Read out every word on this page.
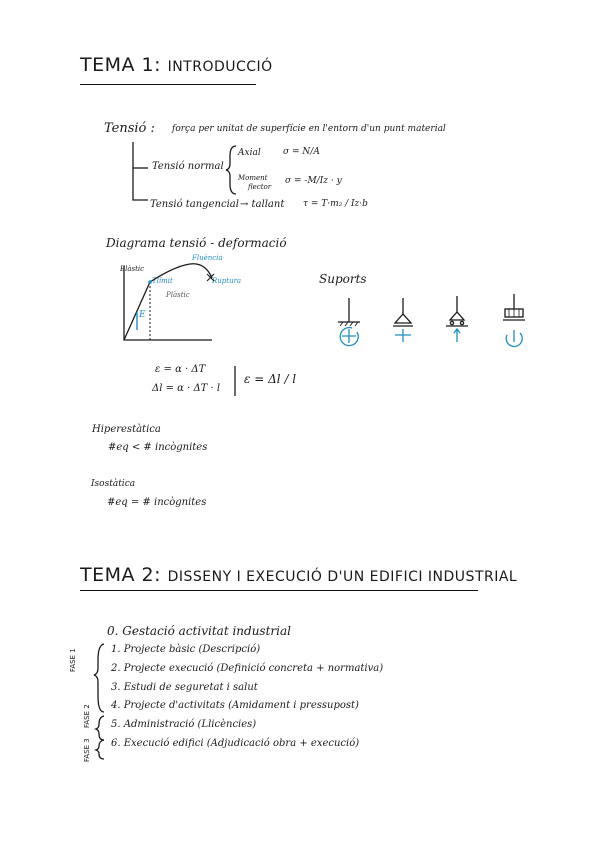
TEMA 1: INTRODUCCIÓ
Tensió : força per unitat de superfície en l'entorn d'un punt material
Tensió normal
Axial σ = N/A
Moment
flector
σ = -M/Iz · y
Tensió tangencial → tallant τ = T·m₂ / Iz·b
Diagrama tensió - deformació
Elàstic
Fluència
Tlímit	Ruptura
Plàstic
E
Suports
ε = α · ΔT
Δl = α · ΔT · l
ε = Δl / l
Hiperestàtica
#eq < # incògnites
Isostàtica
#eq = # incògnites
TEMA 2: DISSENY I EXECUCIÓ D'UN EDIFICI INDUSTRIAL
0. Gestació activitat industrial
1. Projecte bàsic (Descripció)
2. Projecte execució (Definició concreta + normativa)
3. Estudi de seguretat i salut
4. Projecte d'activitats (Amidament i pressupost)
5. Administració (Llicències)
6. Execució edifici (Adjudicació obra + execució)
FASE 1
FASE 2
FASE 3
